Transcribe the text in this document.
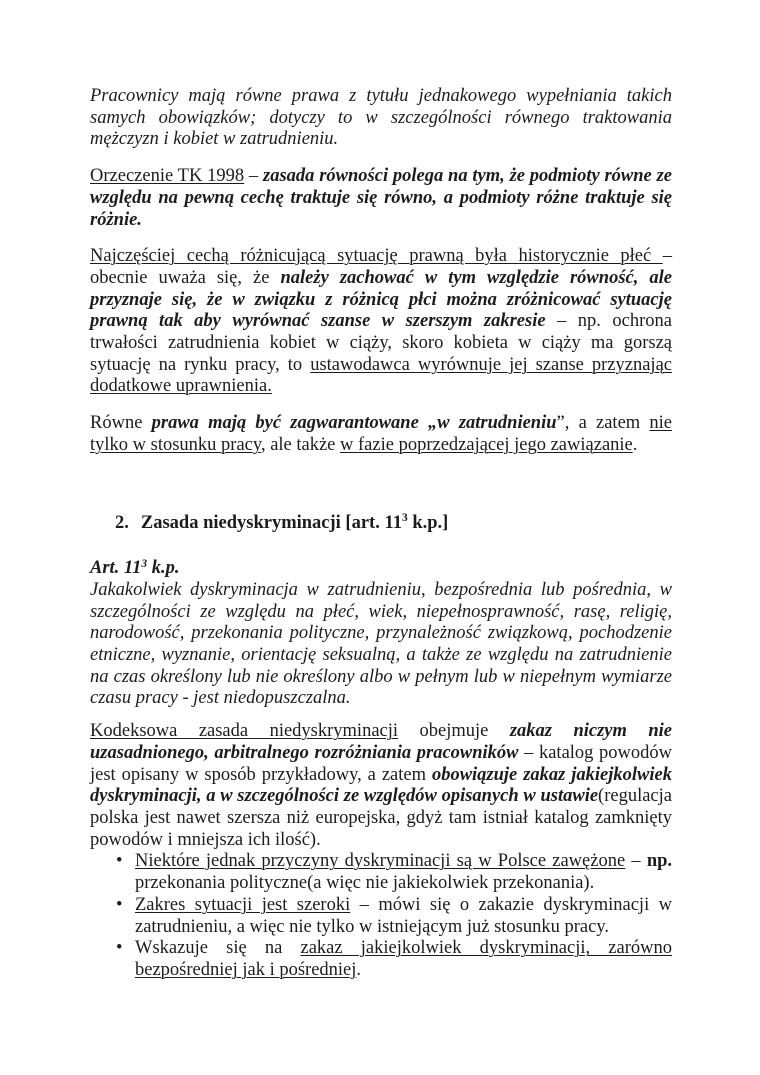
Pracownicy mają równe prawa z tytułu jednakowego wypełniania takich samych obowiązków; dotyczy to w szczególności równego traktowania mężczyzn i kobiet w zatrudnieniu.

Orzeczenie TK 1998 – zasada równości polega na tym, że podmioty równe ze względu na pewną cechę traktuje się równo, a podmioty różne traktuje się różnie.

Najczęściej cechą różnicującą sytuację prawną była historycznie płeć – obecnie uważa się, że należy zachować w tym względzie równość, ale przyznaje się, że w związku z różnicą płci można zróżnicować sytuację prawną tak aby wyrównać szanse w szerszym zakresie – np. ochrona trwałości zatrudnienia kobiet w ciąży, skoro kobieta w ciąży ma gorszą sytuację na rynku pracy, to ustawodawca wyrównuje jej szanse przyznając dodatkowe uprawnienia.

Równe prawa mają być zagwarantowane „w zatrudnieniu”, a zatem nie tylko w stosunku pracy, ale także w fazie poprzedzającej jego zawiązanie.

2. Zasada niedyskryminacji [art. $11^3$ k.p.]

Art. $11^3$ k.p.

Jakakolwiek dyskryminacja w zatrudnieniu, bezpośrednia lub pośrednia, w szczególności ze względu na płeć, wiek, niepełnosprawność, rasę, religię, narodowość, przekonania polityczne, przynależność związkową, pochodzenie etniczne, wyznanie, orientację seksualną, a także ze względu na zatrudnienie na czas określony lub nie określony albo w pełnym lub w niepełnym wymiarze czasu pracy - jest niedopuszczalna.

Kodeksowa zasada niedyskryminacji obejmuje zakaz niczym nie uzasadnionego, arbitralnego rozróżniania pracowników – katalog powodów jest opisany w sposób przykładowy, a zatem obowiązuje zakaz jakiejkolwiek dyskryminacji, a w szczególności ze względów opisanych w ustawie(regulacja polska jest nawet szersza niż europejska, gdyż tam istniał katalog zamknięty powodów i mniejsza ich ilość).

• Niektóre jednak przyczyny dyskryminacji są w Polsce zawężone – np. przekonania polityczne(a więc nie jakiekolwiek przekonania).
• Zakres sytuacji jest szeroki – mówi się o zakazie dyskryminacji w zatrudnieniu, a więc nie tylko w istniejącym już stosunku pracy.
• Wskazuje się na zakaz jakiejkolwiek dyskryminacji, zarówno bezpośredniej jak i pośredniej.
